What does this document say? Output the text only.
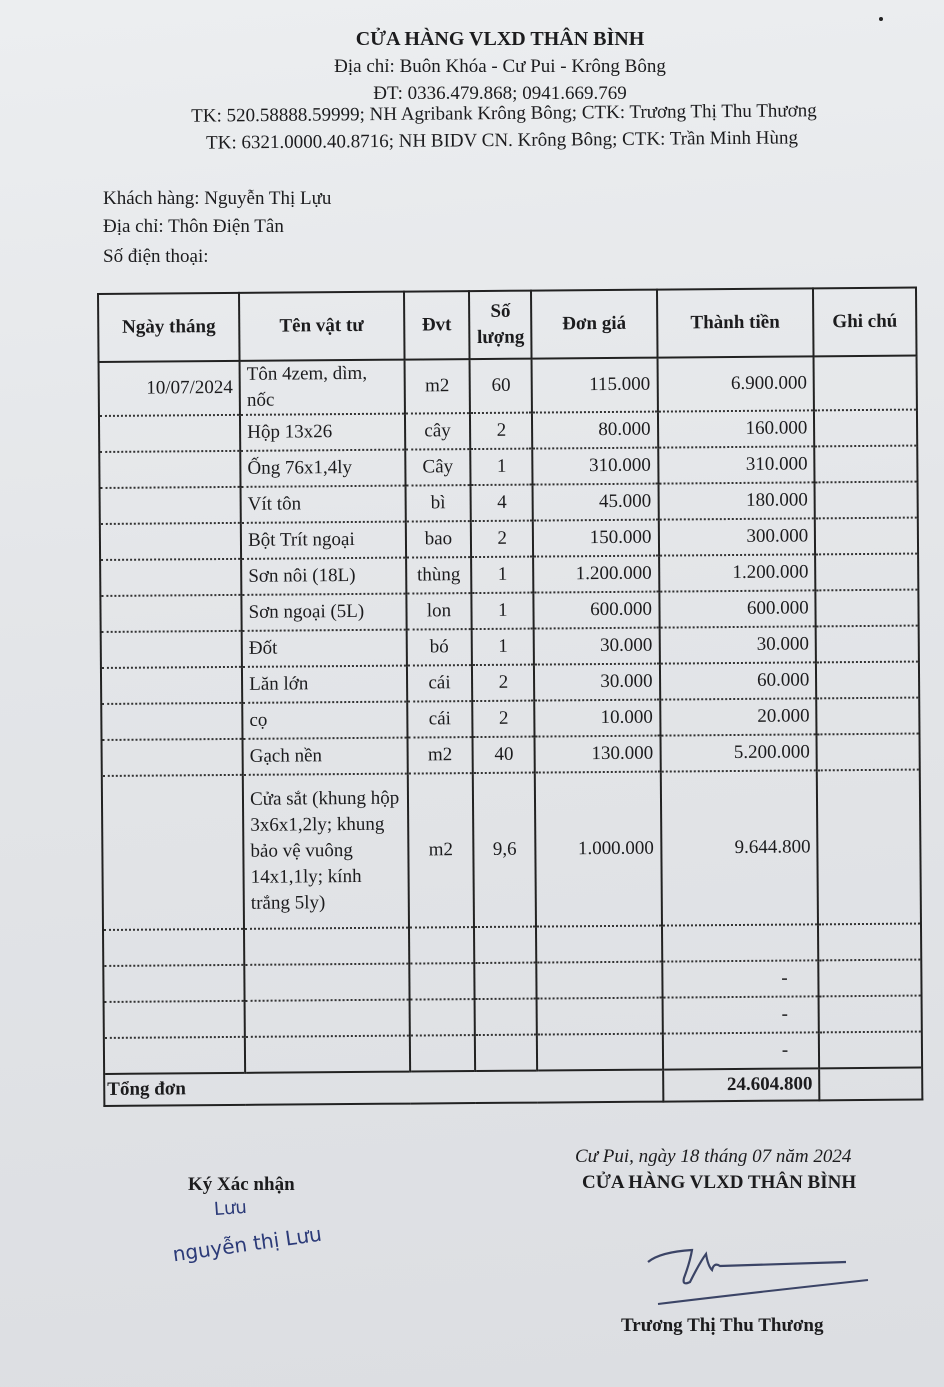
CỬA HÀNG VLXD THÂN BÌNH
Địa chỉ: Buôn Khóa - Cư Pui - Krông Bông
ĐT: 0336.479.868; 0941.669.769
TK: 520.58888.59999; NH Agribank Krông Bông; CTK: Trương Thị Thu Thương
TK: 6321.0000.40.8716; NH BIDV CN. Krông Bông; CTK: Trần Minh Hùng
Khách hàng: Nguyễn Thị Lựu
Địa chỉ: Thôn Điện Tân
Số điện thoại:
Ngày tháng	Tên vật tư	Đvt	Số lượng	Đơn giá	Thành tiền	Ghi chú
10/07/2024	Tôn 4zem, dìm, nốc	m2	60	115.000	6.900.000	
	Hộp 13x26	cây	2	80.000	160.000	
	Ống 76x1,4ly	Cây	1	310.000	310.000	
	Vít tôn	bì	4	45.000	180.000	
	Bột Trít ngoại	bao	2	150.000	300.000	
	Sơn nôi (18L)	thùng	1	1.200.000	1.200.000	
	Sơn ngoại (5L)	lon	1	600.000	600.000	
	Đốt	bó	1	30.000	30.000	
	Lăn lớn	cái	2	30.000	60.000	
	cọ	cái	2	10.000	20.000	
	Gạch nền	m2	40	130.000	5.200.000	
	Cửa sắt (khung hộp 3x6x1,2ly; khung bảo vệ vuông 14x1,1ly; kính trắng 5ly)	m2	9,6	1.000.000	9.644.800	

					-	
					-	
					-	
Tổng đơn					24.604.800	
Cư Pui, ngày 18 tháng 07 năm 2024
CỬA HÀNG VLXD THÂN BÌNH
Ký Xác nhận
Lưu
nguyễn thị Lưu
Trương Thị Thu Thương
